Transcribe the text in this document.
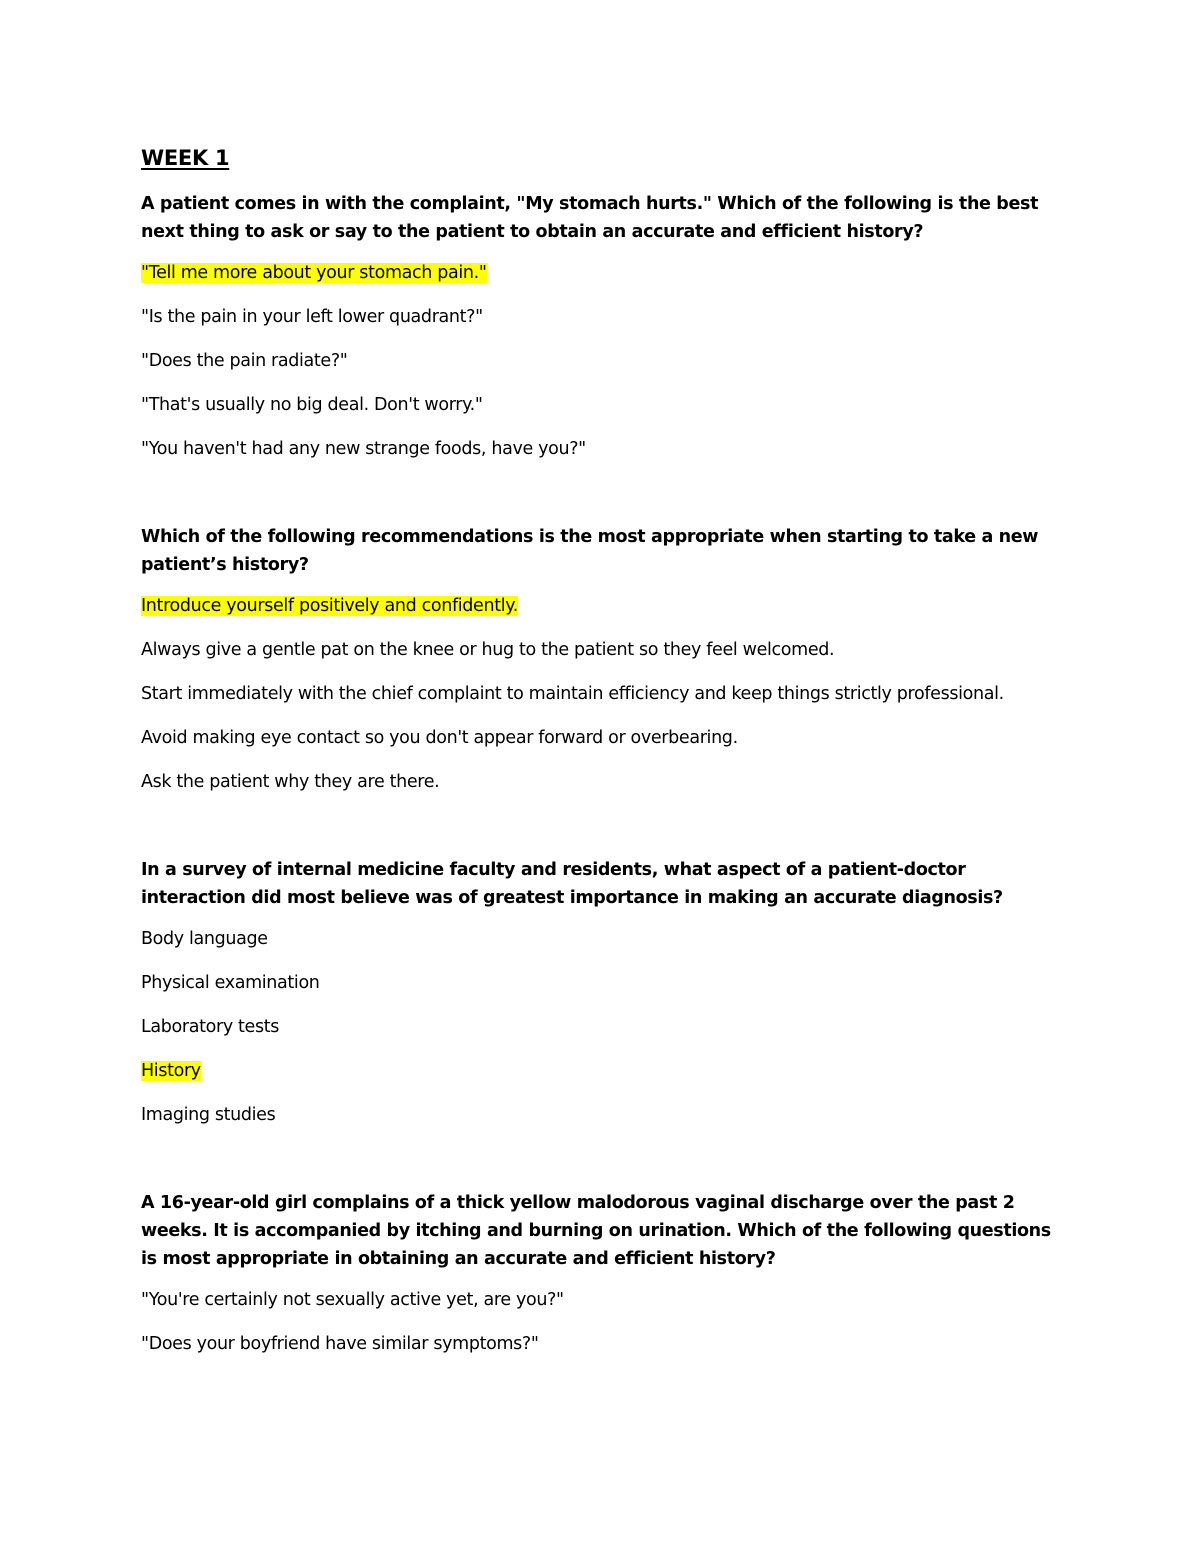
WEEK 1
A patient comes in with the complaint, "My stomach hurts." Which of the following is the best next thing to ask or say to the patient to obtain an accurate and efficient history?
"Tell me more about your stomach pain."
"Is the pain in your left lower quadrant?"
"Does the pain radiate?"
"That's usually no big deal. Don't worry."
"You haven't had any new strange foods, have you?"
Which of the following recommendations is the most appropriate when starting to take a new patient’s history?
Introduce yourself positively and confidently.
Always give a gentle pat on the knee or hug to the patient so they feel welcomed.
Start immediately with the chief complaint to maintain efficiency and keep things strictly professional.
Avoid making eye contact so you don't appear forward or overbearing.
Ask the patient why they are there.
In a survey of internal medicine faculty and residents, what aspect of a patient-doctor interaction did most believe was of greatest importance in making an accurate diagnosis?
Body language
Physical examination
Laboratory tests
History
Imaging studies
A 16-year-old girl complains of a thick yellow malodorous vaginal discharge over the past 2 weeks. It is accompanied by itching and burning on urination. Which of the following questions is most appropriate in obtaining an accurate and efficient history?
"You're certainly not sexually active yet, are you?"
"Does your boyfriend have similar symptoms?"
